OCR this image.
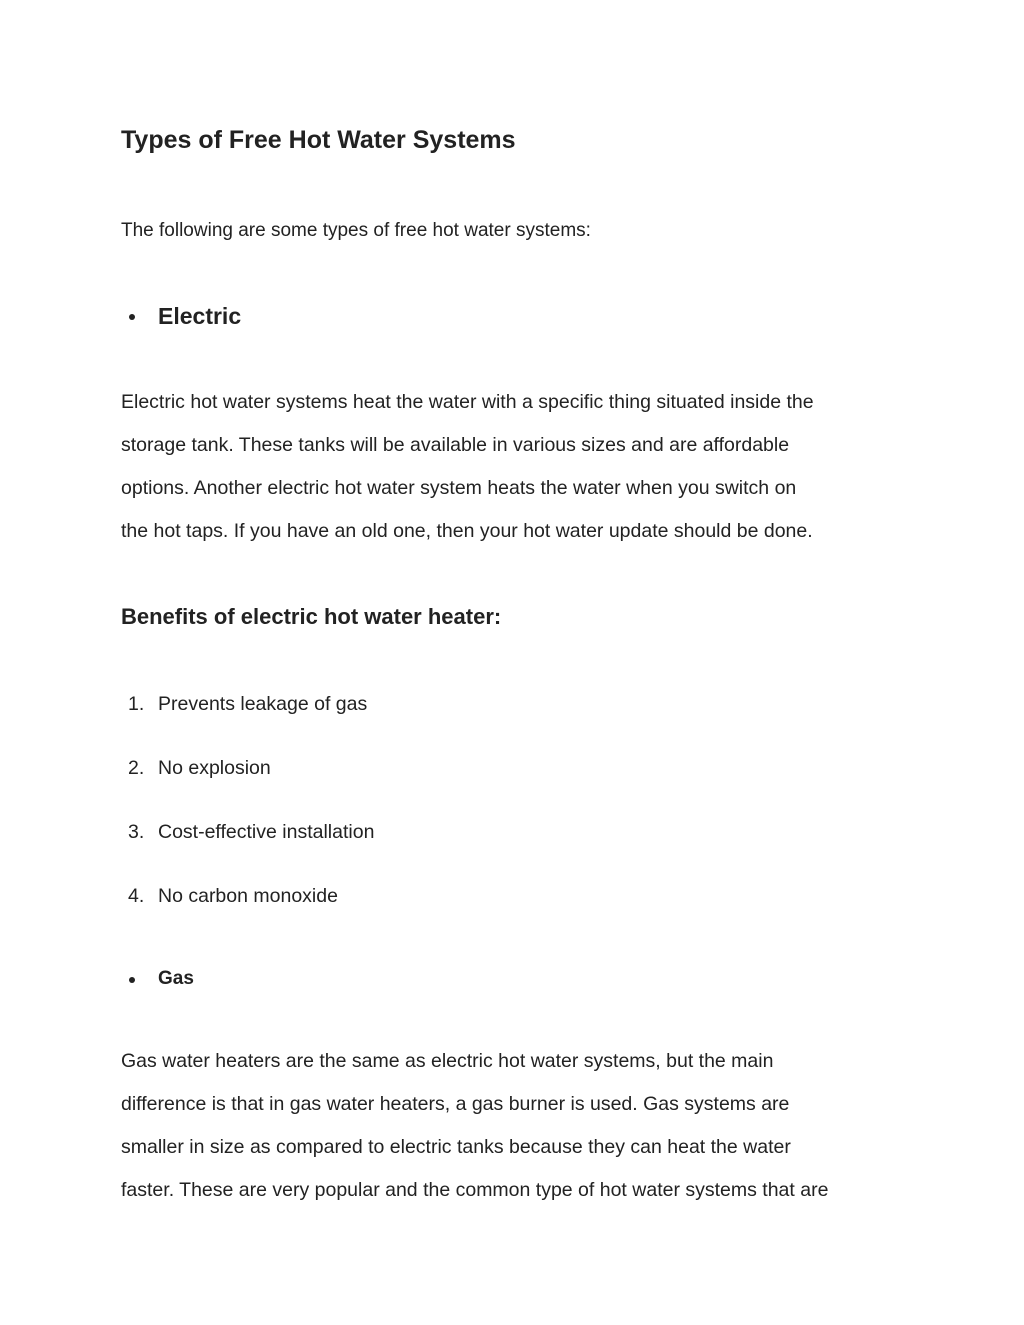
Types of Free Hot Water Systems

The following are some types of free hot water systems:

Electric
Electric hot water systems heat the water with a specific thing situated inside the
storage tank. These tanks will be available in various sizes and are affordable
options. Another electric hot water system heats the water when you switch on
the hot taps. If you have an old one, then your hot water update should be done.
Benefits of electric hot water heater:
1. Prevents leakage of gas
2. No explosion
3. Cost-effective installation
4. No carbon monoxide
Gas
Gas water heaters are the same as electric hot water systems, but the main
difference is that in gas water heaters, a gas burner is used. Gas systems are
smaller in size as compared to electric tanks because they can heat the water
faster. These are very popular and the common type of hot water systems that are
